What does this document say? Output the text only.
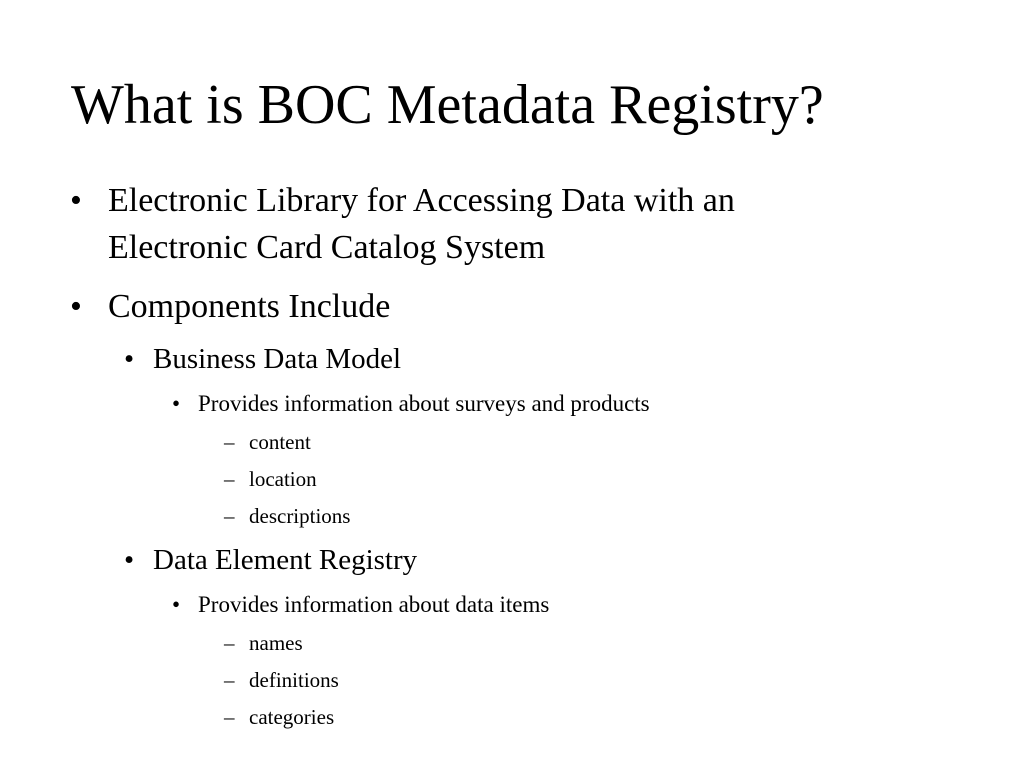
What is BOC Metadata Registry?
• Electronic Library for Accessing Data with an
Electronic Card Catalog System
• Components Include
• Business Data Model
• Provides information about surveys and products
– content
– location
– descriptions
• Data Element Registry
• Provides information about data items
– names
– definitions
– categories
